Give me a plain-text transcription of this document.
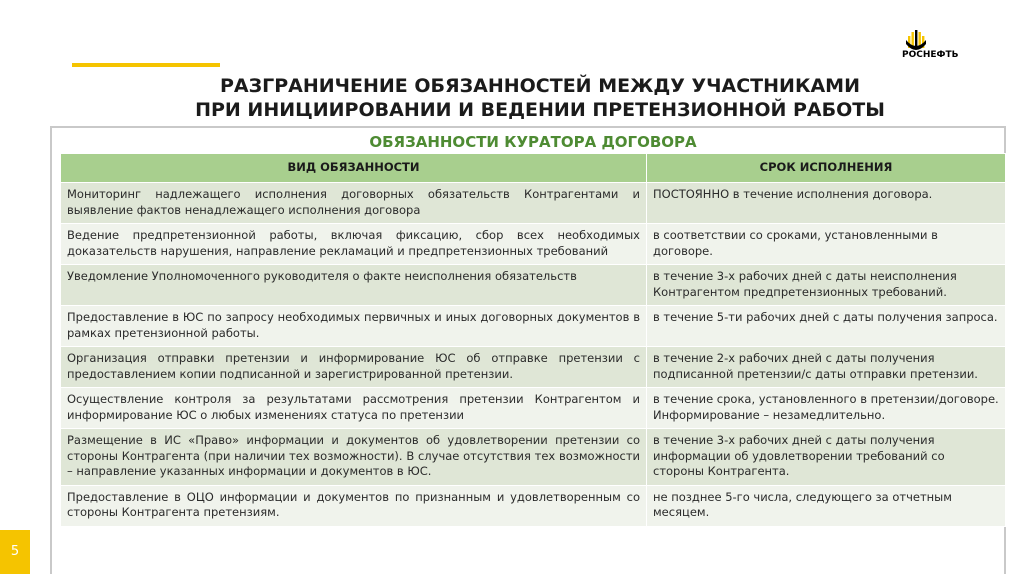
РОСНЕФТЬ
РАЗГРАНИЧЕНИЕ ОБЯЗАННОСТЕЙ МЕЖДУ УЧАСТНИКАМИ
ПРИ ИНИЦИИРОВАНИИ И ВЕДЕНИИ ПРЕТЕНЗИОННОЙ РАБОТЫ
ОБЯЗАННОСТИ КУРАТОРА ДОГОВОРА
ВИД ОБЯЗАННОСТИ	СРОК ИСПОЛНЕНИЯ
Мониторинг надлежащего исполнения договорных обязательств Контрагентами и выявление фактов ненадлежащего исполнения договора	ПОСТОЯННО в течение исполнения договора.
Ведение предпретензионной работы, включая фиксацию, сбор всех необходимых доказательств нарушения, направление рекламаций и предпретензионных требований	в соответствии со сроками, установленными в договоре.
Уведомление Уполномоченного руководителя о факте неисполнения обязательств	в течение 3-х рабочих дней с даты неисполнения Контрагентом предпретензионных требований.
Предоставление в ЮС по запросу необходимых первичных и иных договорных документов в рамках претензионной работы.	в течение 5-ти рабочих дней с даты получения запроса.
Организация отправки претензии и информирование ЮС об отправке претензии с предоставлением копии подписанной и зарегистрированной претензии.	в течение 2-х рабочих дней с даты получения подписанной претензии/с даты отправки претензии.
Осуществление контроля за результатами рассмотрения претензии Контрагентом и информирование ЮС о любых изменениях статуса по претензии	в течение срока, установленного в претензии/договоре. Информирование – незамедлительно.
Размещение в ИС «Право» информации и документов об удовлетворении претензии со стороны Контрагента (при наличии тех возможности). В случае отсутствия тех возможности – направление указанных информации и документов в ЮС.	в течение 3-х рабочих дней с даты получения информации об удовлетворении требований со стороны Контрагента.
Предоставление в ОЦО информации и документов по признанным и удовлетворенным со стороны Контрагента претензиям.	не позднее 5-го числа, следующего за отчетным месяцем.
5
